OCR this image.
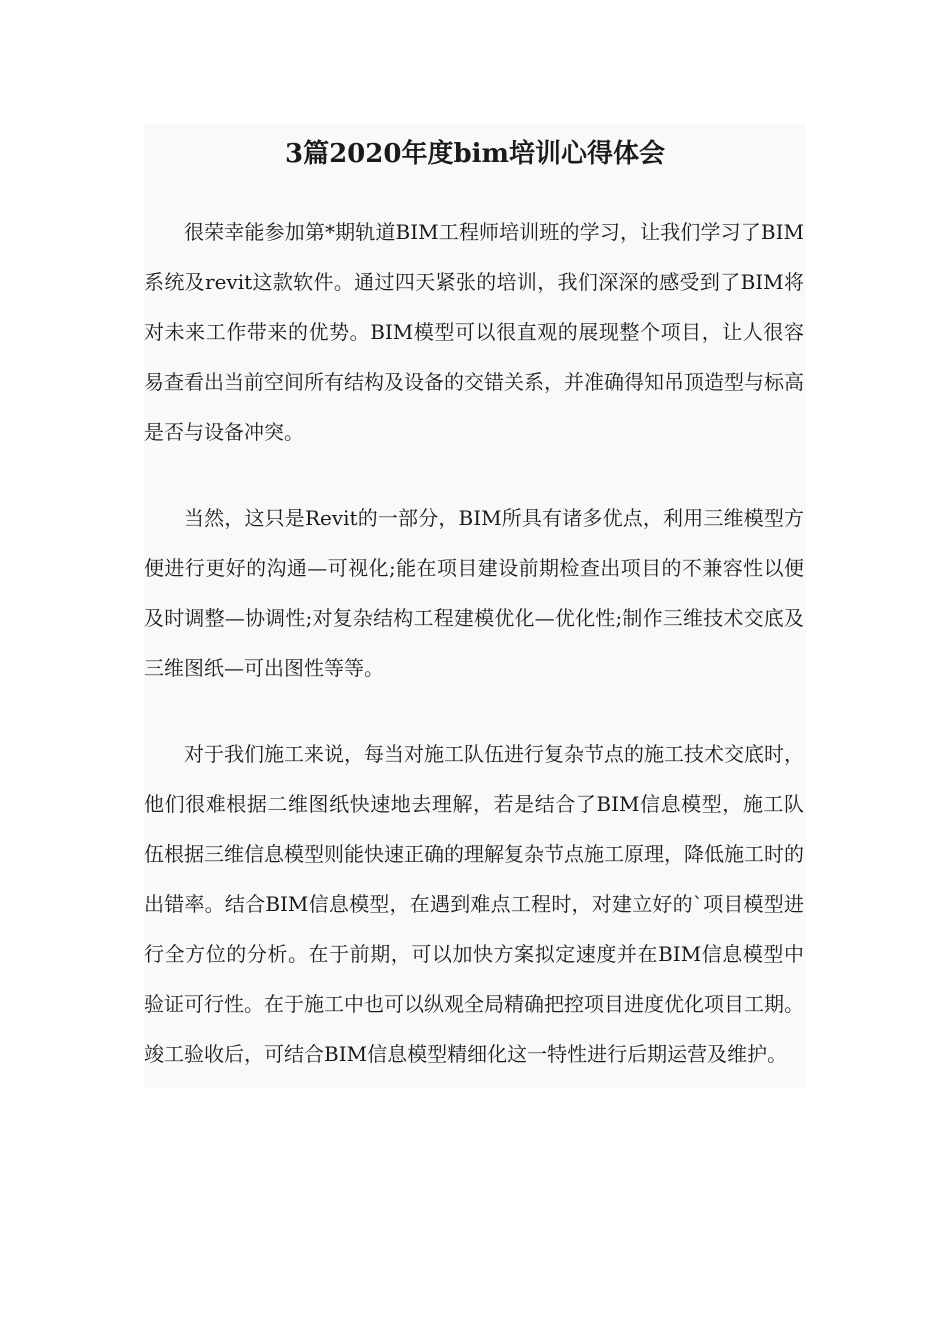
3篇2020年度bim培训心得体会

很荣幸能参加第*期轨道BIM工程师培训班的学习，让我们学习了BIM系统及revit这款软件。通过四天紧张的培训，我们深深的感受到了BIM将对未来工作带来的优势。BIM模型可以很直观的展现整个项目，让人很容易查看出当前空间所有结构及设备的交错关系，并准确得知吊顶造型与标高是否与设备冲突。

当然，这只是Revit的一部分，BIM所具有诸多优点，利用三维模型方便进行更好的沟通—可视化;能在项目建设前期检查出项目的不兼容性以便及时调整—协调性;对复杂结构工程建模优化—优化性;制作三维技术交底及三维图纸—可出图性等等。

对于我们施工来说，每当对施工队伍进行复杂节点的施工技术交底时，他们很难根据二维图纸快速地去理解，若是结合了BIM信息模型，施工队伍根据三维信息模型则能快速正确的理解复杂节点施工原理，降低施工时的出错率。结合BIM信息模型，在遇到难点工程时，对建立好的`项目模型进行全方位的分析。在于前期，可以加快方案拟定速度并在BIM信息模型中验证可行性。在于施工中也可以纵观全局精确把控项目进度优化项目工期。竣工验收后，可结合BIM信息模型精细化这一特性进行后期运营及维护。
